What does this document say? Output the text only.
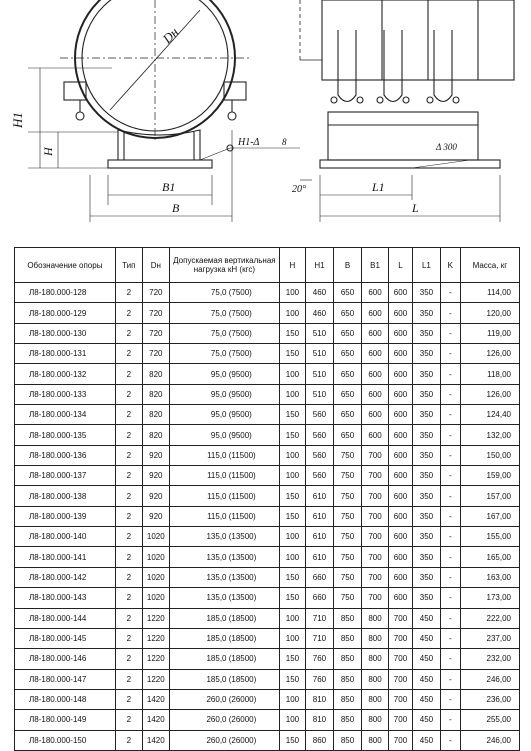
Dн
H1
H
B1
B
H1-Δ	8
20°	L1
L
Δ 300
Обозначение опоры	Тип	Dн	Допускаемая вертикальная нагрузка кН (кгс)	H	H1	B	B1	L	L1	K	Масса, кг
Л8-180.000-128	2	720	75,0 (7500)	100	460	650	600	600	350	-	114,00
Л8-180.000-129	2	720	75,0 (7500)	100	460	650	600	600	350	-	120,00
Л8-180.000-130	2	720	75,0 (7500)	150	510	650	600	600	350	-	119,00
Л8-180.000-131	2	720	75,0 (7500)	150	510	650	600	600	350	-	126,00
Л8-180.000-132	2	820	95,0 (9500)	100	510	650	600	600	350	-	118,00
Л8-180.000-133	2	820	95,0 (9500)	100	510	650	600	600	350	-	126,00
Л8-180.000-134	2	820	95,0 (9500)	150	560	650	600	600	350	-	124,40
Л8-180.000-135	2	820	95,0 (9500)	150	560	650	600	600	350	-	132,00
Л8-180.000-136	2	920	115,0 (11500)	100	560	750	700	600	350	-	150,00
Л8-180.000-137	2	920	115,0 (11500)	100	560	750	700	600	350	-	159,00
Л8-180.000-138	2	920	115,0 (11500)	150	610	750	700	600	350	-	157,00
Л8-180.000-139	2	920	115,0 (11500)	150	610	750	700	600	350	-	167,00
Л8-180.000-140	2	1020	135,0 (13500)	100	610	750	700	600	350	-	155,00
Л8-180.000-141	2	1020	135,0 (13500)	100	610	750	700	600	350	-	165,00
Л8-180.000-142	2	1020	135,0 (13500)	150	660	750	700	600	350	-	163,00
Л8-180.000-143	2	1020	135,0 (13500)	150	660	750	700	600	350	-	173,00
Л8-180.000-144	2	1220	185,0 (18500)	100	710	850	800	700	450	-	222,00
Л8-180.000-145	2	1220	185,0 (18500)	100	710	850	800	700	450	-	237,00
Л8-180.000-146	2	1220	185,0 (18500)	150	760	850	800	700	450	-	232,00
Л8-180.000-147	2	1220	185,0 (18500)	150	760	850	800	700	450	-	246,00
Л8-180.000-148	2	1420	260,0 (26000)	100	810	850	800	700	450	-	236,00
Л8-180.000-149	2	1420	260,0 (26000)	100	810	850	800	700	450	-	255,00
Л8-180.000-150	2	1420	260,0 (26000)	150	860	850	800	700	450	-	246,00
